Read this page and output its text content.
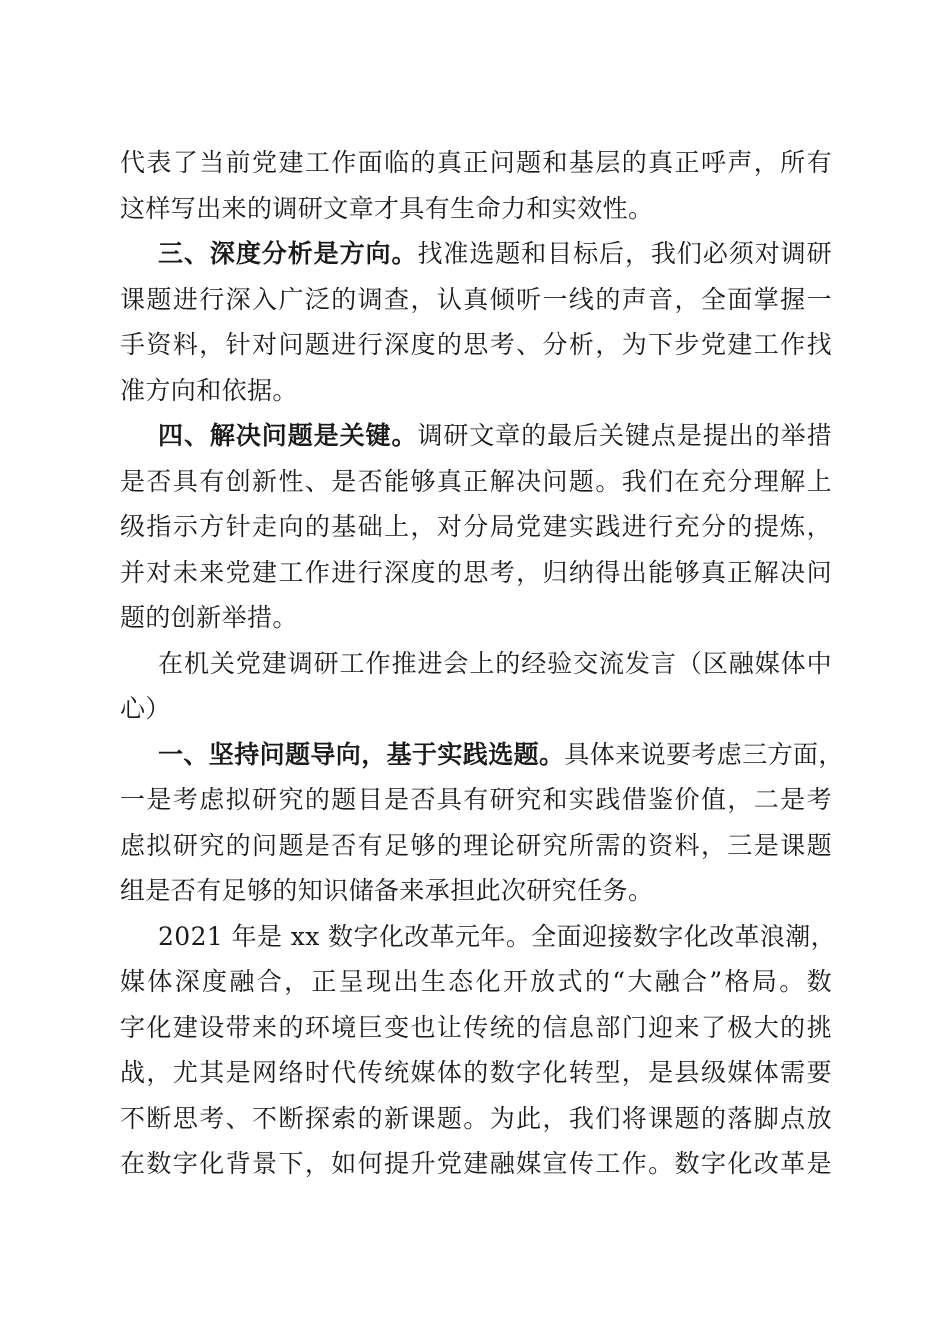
代表了当前党建工作面临的真正问题和基层的真正呼声，所有
这样写出来的调研文章才具有生命力和实效性。
三、深度分析是方向。找准选题和目标后，我们必须对调研
课题进行深入广泛的调查，认真倾听一线的声音，全面掌握一
手资料，针对问题进行深度的思考、分析，为下步党建工作找
准方向和依据。
四、解决问题是关键。调研文章的最后关键点是提出的举措
是否具有创新性、是否能够真正解决问题。我们在充分理解上
级指示方针走向的基础上，对分局党建实践进行充分的提炼，
并对未来党建工作进行深度的思考，归纳得出能够真正解决问
题的创新举措。
在机关党建调研工作推进会上的经验交流发言（区融媒体中
心）
一、坚持问题导向，基于实践选题。具体来说要考虑三方面，
一是考虑拟研究的题目是否具有研究和实践借鉴价值，二是考
虑拟研究的问题是否有足够的理论研究所需的资料，三是课题
组是否有足够的知识储备来承担此次研究任务。
2021 年是 xx 数字化改革元年。全面迎接数字化改革浪潮，
媒体深度融合，正呈现出生态化开放式的“大融合”格局。数
字化建设带来的环境巨变也让传统的信息部门迎来了极大的挑
战，尤其是网络时代传统媒体的数字化转型，是县级媒体需要
不断思考、不断探索的新课题。为此，我们将课题的落脚点放
在数字化背景下，如何提升党建融媒宣传工作。数字化改革是
